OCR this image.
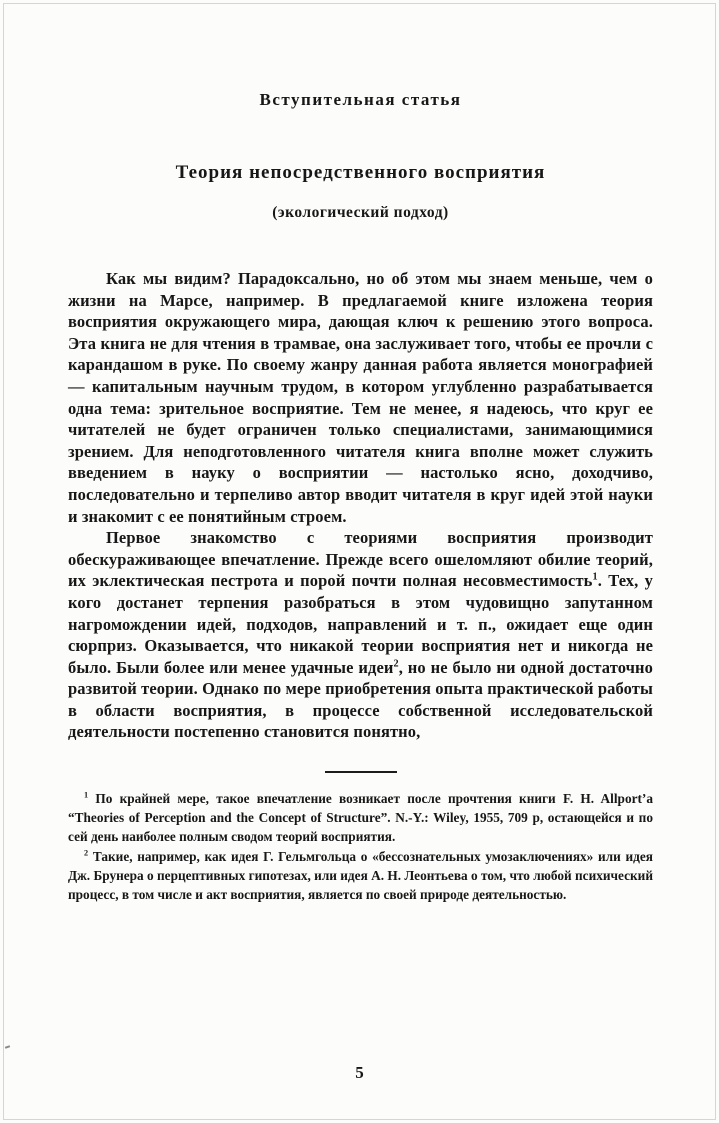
Вступительная статья
Теория непосредственного восприятия
(экологический подход)

Как мы видим? Парадоксально, но об этом мы знаем меньше, чем о жизни на Марсе, например. В предлагаемой книге изложена теория восприятия окружающего мира, дающая ключ к решению этого вопроса. Эта книга не для чтения в трамвае, она заслуживает того, чтобы ее прочли с карандашом в руке. По своему жанру данная работа является монографией — капитальным научным трудом, в котором углубленно разрабатывается одна тема: зрительное восприятие. Тем не менее, я надеюсь, что круг ее читателей не будет ограничен только специалистами, занимающимися зрением. Для неподготовленного читателя книга вполне может служить введением в науку о восприятии — настолько ясно, доходчиво, последовательно и терпеливо автор вводит читателя в круг идей этой науки и знакомит с ее понятийным строем.

Первое знакомство с теориями восприятия производит обескураживающее впечатление. Прежде всего ошеломляют обилие теорий, их эклектическая пестрота и порой почти полная несовместимость$^1$. Тех, у кого достанет терпения разобраться в этом чудовищно запутанном нагромождении идей, подходов, направлений и т. п., ожидает еще один сюрприз. Оказывается, что никакой теории восприятия нет и никогда не было. Были более или менее удачные идеи$^2$, но не было ни одной достаточно развитой теории. Однако по мере приобретения опыта практической работы в области восприятия, в процессе собственной исследовательской деятельности постепенно становится понятно,

$^1$ По крайней мере, такое впечатление возникает после прочтения книги F. H. Allport’a “Theories of Perception and the Concept of Structure”. N.-Y.: Wiley, 1955, 709 p, остающейся и по сей день наиболее полным сводом теорий восприятия.

$^2$ Такие, например, как идея Г. Гельмгольца о «бессознательных умозаключениях» или идея Дж. Брунера о перцептивных гипотезах, или идея А. Н. Леонтьева о том, что любой психический процесс, в том числе и акт восприятия, является по своей природе деятельностью.

5
